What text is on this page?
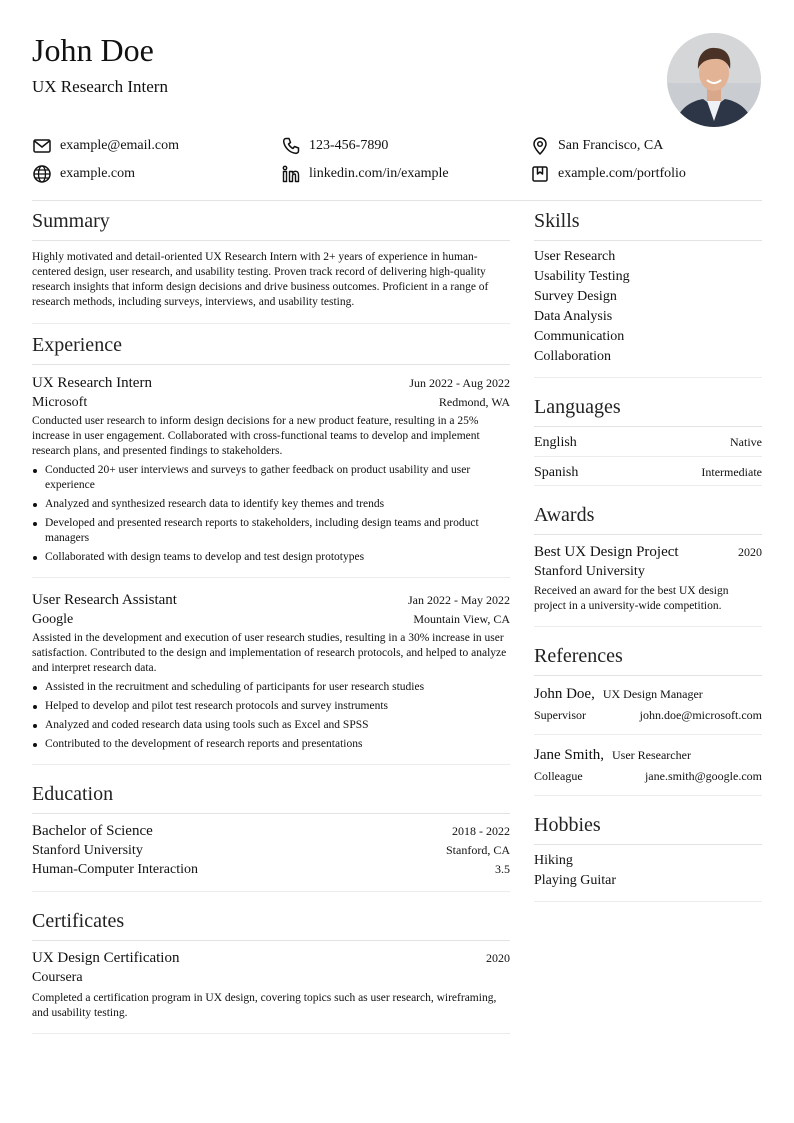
John Doe
UX Research Intern
example@email.com	123-456-7890	San Francisco, CA
example.com	linkedin.com/in/example	example.com/portfolio
Summary
Highly motivated and detail-oriented UX Research Intern with 2+ years of experience in human-centered design, user research, and usability testing. Proven track record of delivering high-quality research insights that inform design decisions and drive business outcomes. Proficient in a range of research methods, including surveys, interviews, and usability testing.
Experience
UX Research Intern	Jun 2022 - Aug 2022
Microsoft	Redmond, WA
Conducted user research to inform design decisions for a new product feature, resulting in a 25% increase in user engagement. Collaborated with cross-functional teams to develop and implement research plans, and presented findings to stakeholders.
Conducted 20+ user interviews and surveys to gather feedback on product usability and user experience
Analyzed and synthesized research data to identify key themes and trends
Developed and presented research reports to stakeholders, including design teams and product managers
Collaborated with design teams to develop and test design prototypes
User Research Assistant	Jan 2022 - May 2022
Google	Mountain View, CA
Assisted in the development and execution of user research studies, resulting in a 30% increase in user satisfaction. Contributed to the design and implementation of research protocols, and helped to analyze and interpret research data.
Assisted in the recruitment and scheduling of participants for user research studies
Helped to develop and pilot test research protocols and survey instruments
Analyzed and coded research data using tools such as Excel and SPSS
Contributed to the development of research reports and presentations
Education
Bachelor of Science	2018 - 2022
Stanford University	Stanford, CA
Human-Computer Interaction	3.5
Certificates
UX Design Certification	2020
Coursera
Completed a certification program in UX design, covering topics such as user research, wireframing, and usability testing.
Skills
User Research
Usability Testing
Survey Design
Data Analysis
Communication
Collaboration
Languages
English	Native
Spanish	Intermediate
Awards
Best UX Design Project	2020
Stanford University
Received an award for the best UX design project in a university-wide competition.
References
John Doe, UX Design Manager
Supervisor	john.doe@microsoft.com
Jane Smith, User Researcher
Colleague	jane.smith@google.com
Hobbies
Hiking
Playing Guitar
